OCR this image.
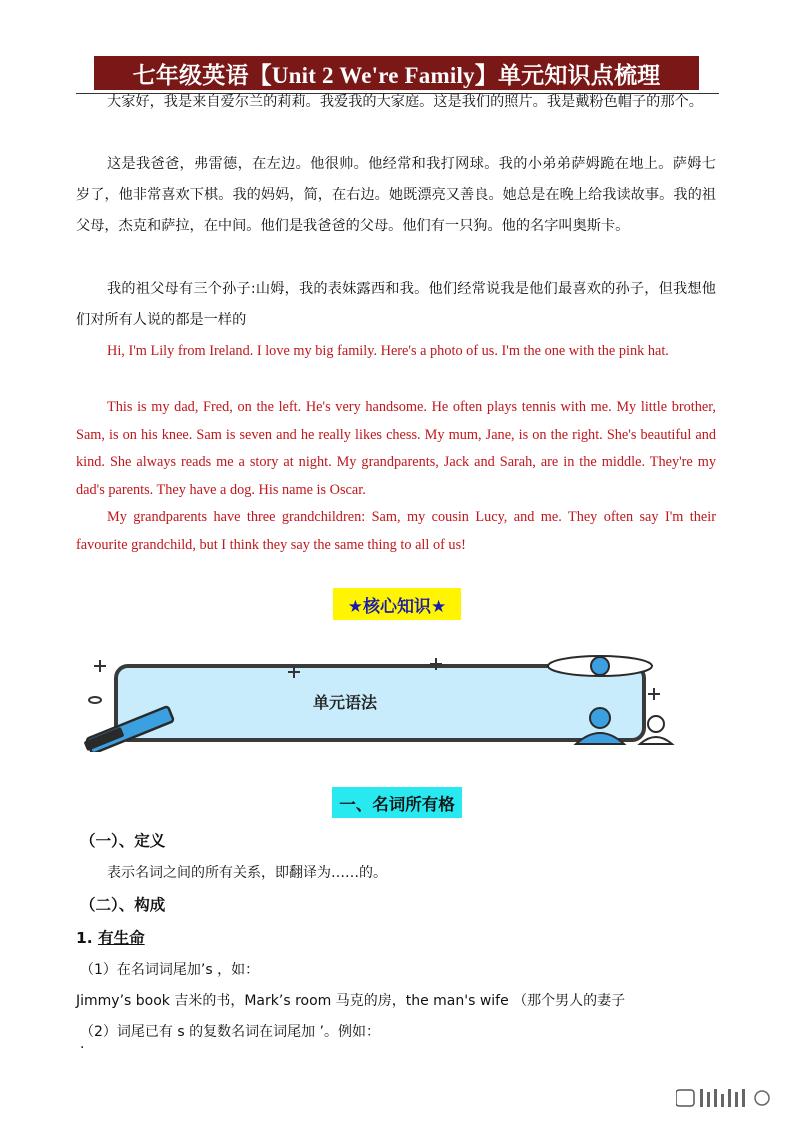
七年级英语【Unit 2 We're Family】单元知识点梳理

大家好，我是来自爱尔兰的莉莉。我爱我的大家庭。这是我们的照片。我是戴粉色帽子的那个。

这是我爸爸，弗雷德，在左边。他很帅。他经常和我打网球。我的小弟弟萨姆跪在地上。萨姆七岁了，他非常喜欢下棋。我的妈妈，简，在右边。她既漂亮又善良。她总是在晚上给我读故事。我的祖父母，杰克和萨拉，在中间。他们是我爸爸的父母。他们有一只狗。他的名字叫奥斯卡。

我的祖父母有三个孙子:山姆，我的表妹露西和我。他们经常说我是他们最喜欢的孙子，但我想他们对所有人说的都是一样的

Hi, I'm Lily from Ireland. I love my big family. Here's a photo of us. I'm the one with the pink hat.

This is my dad, Fred, on the left. He's very handsome. He often plays tennis with me. My little brother, Sam, is on his knee. Sam is seven and he really likes chess. My mum, Jane, is on the right. She's beautiful and kind. She always reads me a story at night. My grandparents, Jack and Sarah, are in the middle. They're my dad's parents. They have a dog. His name is Oscar.

My grandparents have three grandchildren: Sam, my cousin Lucy, and me. They often say I'm their favourite grandchild, but I think they say the same thing to all of us!

★核心知识★
单元语法
一、名词所有格
（一）、定义
表示名词之间的所有关系，即翻译为……的。
（二）、构成
1. 有生命
（1）在名词词尾加’s ，如：
Jimmy’s book 吉米的书，Mark’s room 马克的房，the man's wife （那个男人的妻子
（2）词尾已有 s 的复数名词在词尾加 ’。例如：
·
